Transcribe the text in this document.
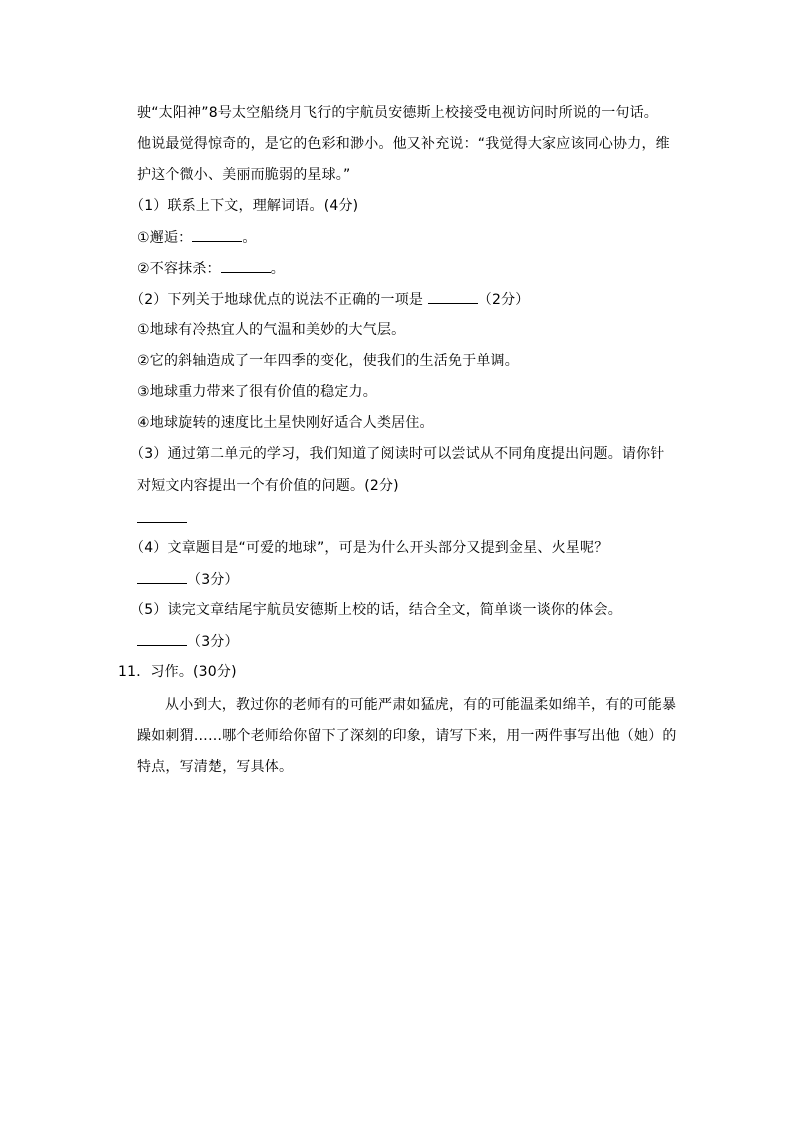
驶“太阳神”8号太空船绕月飞行的宇航员安德斯上校接受电视访问时所说的一句话。
他说最觉得惊奇的，是它的色彩和渺小。他又补充说：“我觉得大家应该同心协力，维
护这个微小、美丽而脆弱的星球。”
（1）联系上下文，理解词语。(4分)
①邂逅：	。
②不容抹杀：	。
（2）下列关于地球优点的说法不正确的一项是	（2分）
①地球有冷热宜人的气温和美妙的大气层。
②它的斜轴造成了一年四季的变化，使我们的生活免于单调。
③地球重力带来了很有价值的稳定力。
④地球旋转的速度比土星快刚好适合人类居住。
（3）通过第二单元的学习，我们知道了阅读时可以尝试从不同角度提出问题。请你针
对短文内容提出一个有价值的问题。(2分)
（4）文章题目是“可爱的地球”，可是为什么开头部分又提到金星、火星呢？
（3分）
（5）读完文章结尾宇航员安德斯上校的话，结合全文，简单谈一谈你的体会。
（3分）
11．习作。(30分)
从小到大，教过你的老师有的可能严肃如猛虎，有的可能温柔如绵羊，有的可能暴
躁如刺猬……哪个老师给你留下了深刻的印象，请写下来，用一两件事写出他（她）的
特点，写清楚，写具体。
